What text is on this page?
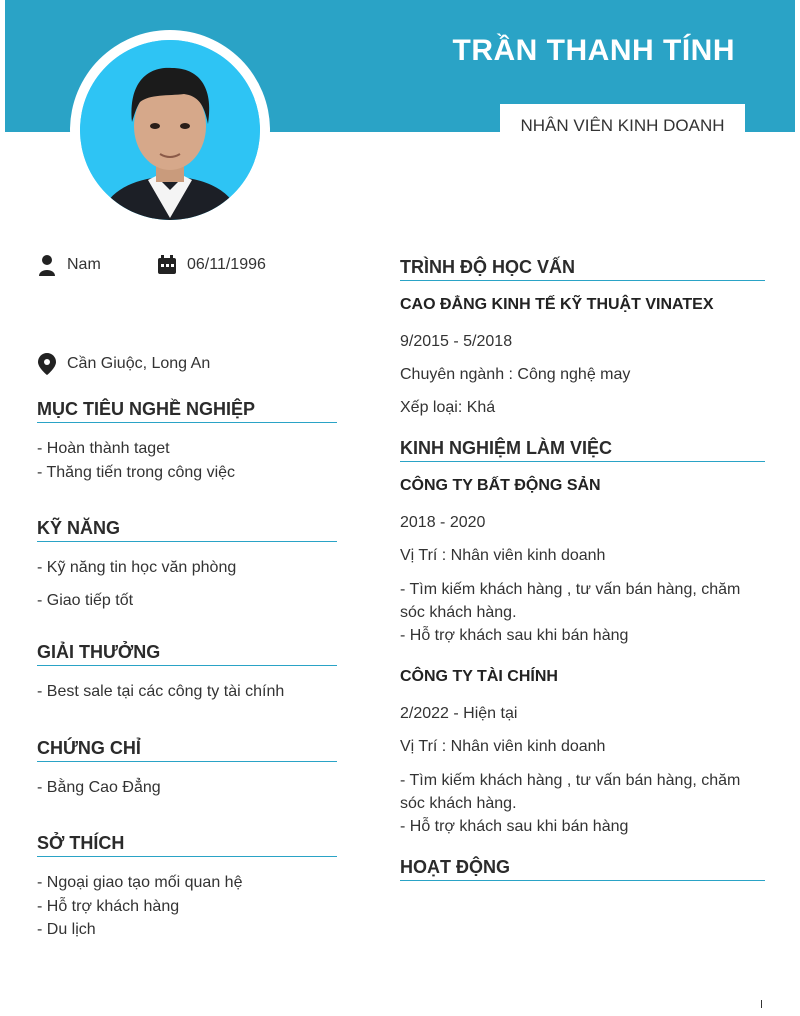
TRẦN THANH TÍNH
NHÂN VIÊN KINH DOANH
Nam	06/11/1996
Cần Giuộc, Long An
MỤC TIÊU NGHỀ NGHIỆP
- Hoàn thành taget
- Thăng tiến trong công việc
KỸ NĂNG
- Kỹ năng tin học văn phòng
- Giao tiếp tốt
GIẢI THƯỞNG
- Best sale tại các công ty tài chính
CHỨNG CHỈ
- Bằng Cao Đẳng
SỞ THÍCH
- Ngoại giao tạo mối quan hệ
- Hỗ trợ khách hàng
- Du lịch
TRÌNH ĐỘ HỌC VẤN
CAO ĐẲNG KINH TẾ KỸ THUẬT VINATEX
9/2015 - 5/2018
Chuyên ngành : Công nghệ may
Xếp loại: Khá
KINH NGHIỆM LÀM VIỆC
CÔNG TY BẤT ĐỘNG SẢN
2018 - 2020
Vị Trí : Nhân viên kinh doanh
- Tìm kiếm khách hàng , tư vấn bán hàng, chăm sóc khách hàng.
- Hỗ trợ khách sau khi bán hàng
CÔNG TY TÀI CHÍNH
2/2022 - Hiện tại
Vị Trí : Nhân viên kinh doanh
- Tìm kiếm khách hàng , tư vấn bán hàng, chăm sóc khách hàng.
- Hỗ trợ khách sau khi bán hàng
HOẠT ĐỘNG
